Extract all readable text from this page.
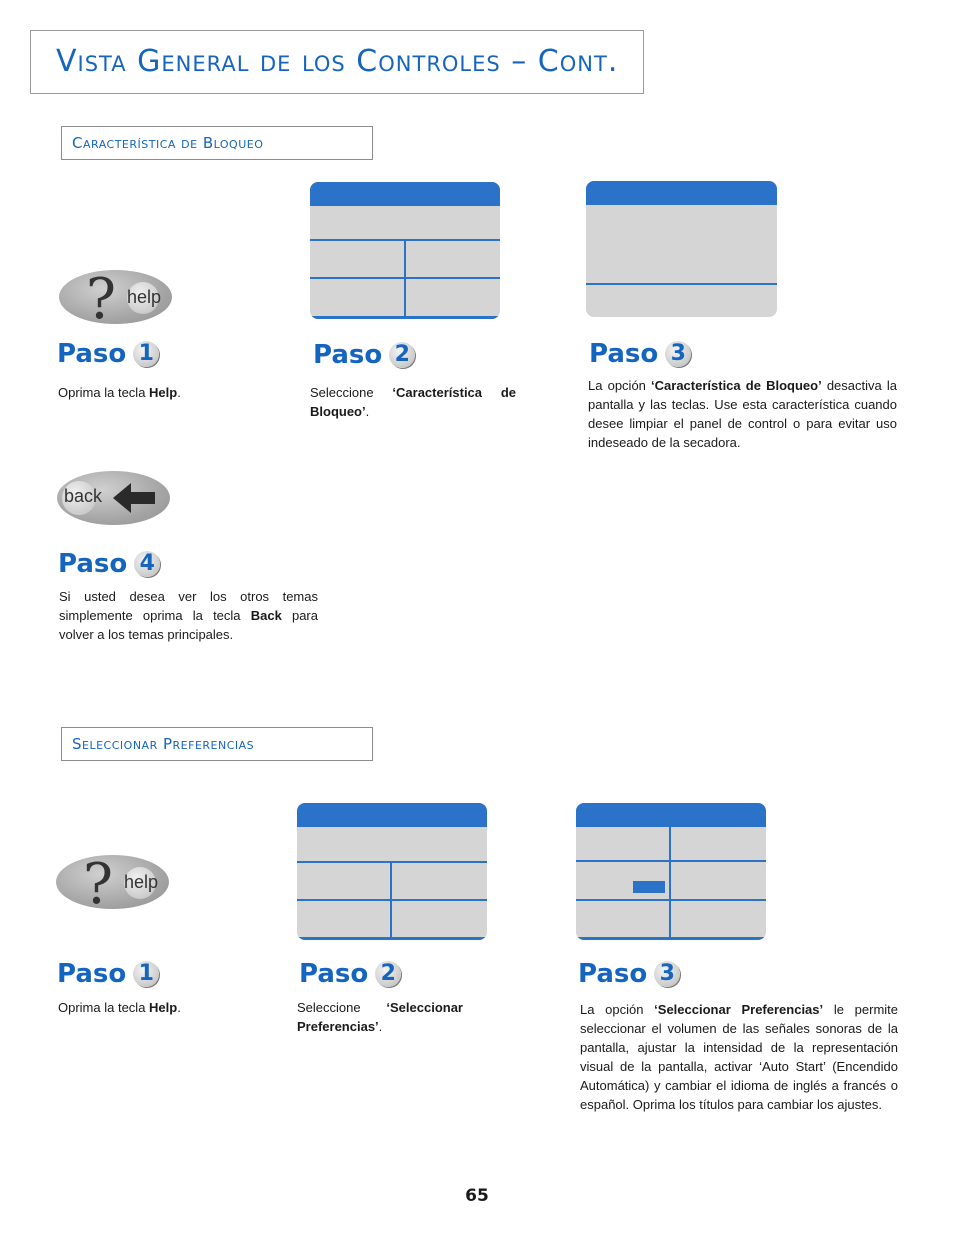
Vista General de los Controles – Cont.
Característica de Bloqueo
? help
Paso 1
Oprima la tecla Help.
Paso 2
Seleccione ‘Característica de Bloqueo’.
Paso 3
La opción ‘Característica de Bloqueo’ desactiva la pantalla y las teclas. Use esta característica cuando desee limpiar el panel de control o para evitar uso indeseado de la secadora.
back
Paso 4
Si usted desea ver los otros temas simplemente oprima la tecla Back para volver a los temas principales.
Seleccionar Preferencias
? help
Paso 1
Oprima la tecla Help.
Paso 2
Seleccione ‘Seleccionar Preferencias’.
Paso 3
La opción ‘Seleccionar Preferencias’ le permite seleccionar el volumen de las señales sonoras de la pantalla, ajustar la intensidad de la representación visual de la pantalla, activar ‘Auto Start’ (Encendido Automática) y cambiar el idioma de inglés a francés o español. Oprima los títulos para cambiar los ajustes.
65
